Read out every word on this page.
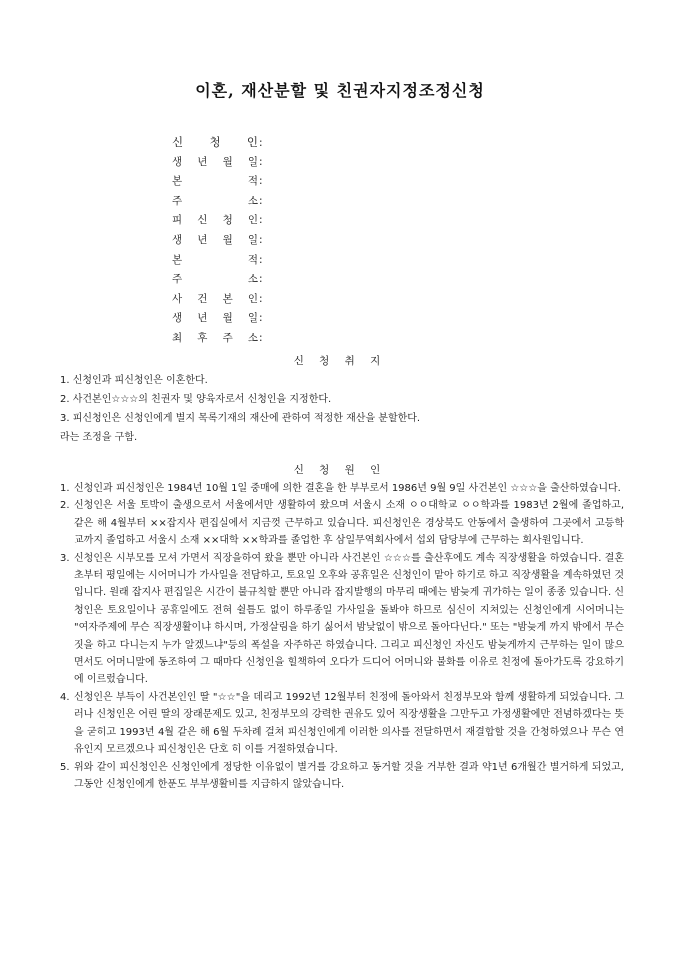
이혼, 재산분할 및 친권자지정조정신청
신 청 인:
생 년 월 일:
본 적:
주 소:
피 신 청 인:
생 년 월 일:
본 적:
주 소:
사 건 본 인:
생 년 월 일:
최 후 주 소:
신 청 취 지
1. 신청인과 피신청인은 이혼한다.
2. 사건본인☆☆☆의 친권자 및 양육자로서 신청인을 지정한다.
3. 피신청인은 신청인에게 별지 목록기재의 재산에 관하여 적정한 재산을 분할한다.
라는 조정을 구함.
신 청 원 인
1. 신청인과 피신청인은 1984년 10월 1일 중매에 의한 결혼을 한 부부로서 1986년 9월 9일 사건본인 ☆☆☆을 출산하였습니다.
2. 신청인은 서울 토박이 출생으로서 서울에서만 생활하여 왔으며 서울시 소재 ㅇㅇ대학교 ㅇㅇ학과를 1983년 2월에 졸업하고, 같은 해 4월부터 ××잡지사 편집실에서 지금껏 근무하고 있습니다. 피신청인은 경상북도 안동에서 출생하여 그곳에서 고등학교까지 졸업하고 서울시 소재 ××대학 ××학과를 졸업한 후 삼일무역회사에서 섭외 담당부에 근무하는 회사원입니다.
3. 신청인은 시부모를 모셔 가면서 직장을하여 왔을 뿐만 아니라 사건본인 ☆☆☆를 출산후에도 계속 직장생활을 하였습니다. 결혼초부터 평일에는 시어머니가 가사일을 전담하고, 토요일 오후와 공휴일은 신청인이 맡아 하기로 하고 직장생활을 계속하였던 것입니다. 원래 잡지사 편집일은 시간이 불규칙할 뿐만 아니라 잡지발행의 마무리 때에는 밤늦게 귀가하는 일이 종종 있습니다. 신청인은 토요일이나 공휴일에도 전혀 쉴틈도 없이 하루종일 가사일을 돌봐야 하므로 심신이 지쳐있는 신청인에게 시어머니는 "여자주제에 무슨 직장생활이냐 하시며, 가정살림을 하기 싫어서 밤낮없이 밖으로 돌아다닌다." 또는 "밤늦게 까지 밖에서 무슨 짓을 하고 다니는지 누가 알겠느냐"등의 폭설을 자주하곤 하였습니다. 그리고 피신청인 자신도 밤늦게까지 근무하는 일이 많으면서도 어머니말에 동조하여 그 때마다 신청인을 힐책하여 오다가 드디어 어머니와 불화를 이유로 친정에 돌아가도록 강요하기에 이르렀습니다.
4. 신청인은 부득이 사건본인인 딸 "☆☆"을 데리고 1992년 12월부터 친정에 돌아와서 친정부모와 함께 생활하게 되었습니다. 그러나 신청인은 어린 딸의 장래문제도 있고, 친정부모의 강력한 권유도 있어 직장생활을 그만두고 가정생활에만 전념하겠다는 뜻을 굳히고 1993년 4월 같은 해 6월 두차례 걸쳐 피신청인에게 이러한 의사를 전달하면서 재결합할 것을 간청하였으나 무슨 연유인지 모르겠으나 피신청인은 단호 히 이를 거절하였습니다.
5. 위와 같이 피신청인은 신청인에게 정당한 이유없이 별거를 강요하고 동거할 것을 거부한 결과 약1년 6개월간 별거하게 되었고, 그동안 신청인에게 한푼도 부부생활비를 지급하지 않았습니다.
